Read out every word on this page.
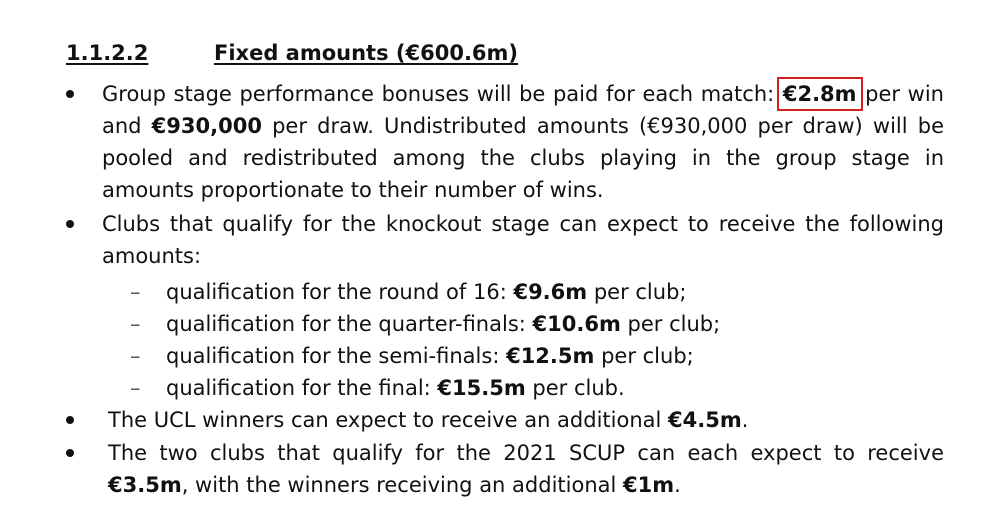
1.1.2.2	Fixed amounts (€600.6m)
Group stage performance bonuses will be paid for each match: €2.8m per win and €930,000 per draw. Undistributed amounts (€930,000 per draw) will be pooled and redistributed among the clubs playing in the group stage in amounts proportionate to their number of wins.
Clubs that qualify for the knockout stage can expect to receive the following amounts:
– qualification for the round of 16: €9.6m per club;
– qualification for the quarter-finals: €10.6m per club;
– qualification for the semi-finals: €12.5m per club;
– qualification for the final: €15.5m per club.
The UCL winners can expect to receive an additional €4.5m.
The two clubs that qualify for the 2021 SCUP can each expect to receive €3.5m, with the winners receiving an additional €1m.
